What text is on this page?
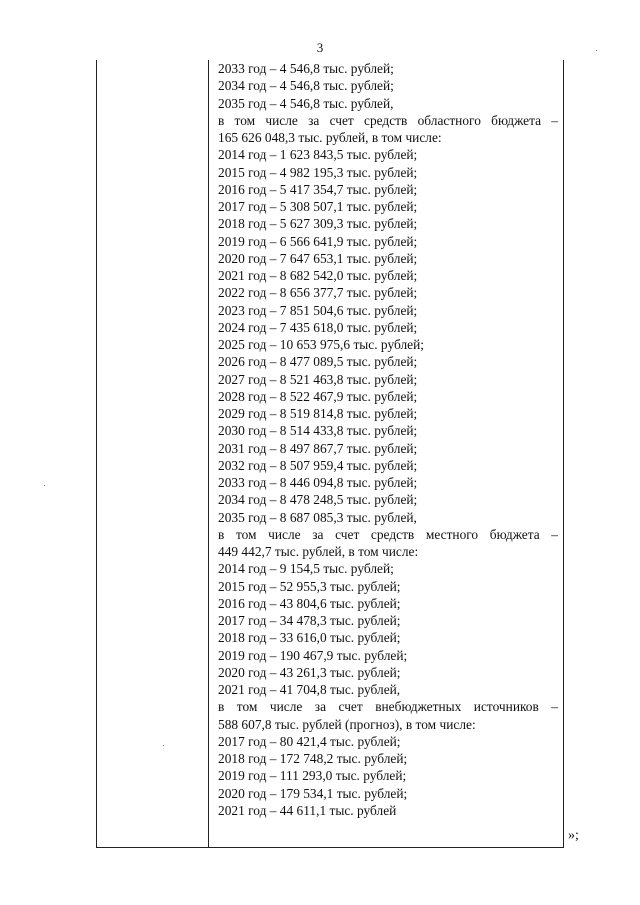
3
2033 год – 4 546,8 тыс. рублей;
2034 год – 4 546,8 тыс. рублей;
2035 год – 4 546,8 тыс. рублей,
в том числе за счет средств областного бюджета –
165 626 048,3 тыс. рублей, в том числе:
2014 год – 1 623 843,5 тыс. рублей;
2015 год – 4 982 195,3 тыс. рублей;
2016 год – 5 417 354,7 тыс. рублей;
2017 год – 5 308 507,1 тыс. рублей;
2018 год – 5 627 309,3 тыс. рублей;
2019 год – 6 566 641,9 тыс. рублей;
2020 год – 7 647 653,1 тыс. рублей;
2021 год – 8 682 542,0 тыс. рублей;
2022 год – 8 656 377,7 тыс. рублей;
2023 год – 7 851 504,6 тыс. рублей;
2024 год – 7 435 618,0 тыс. рублей;
2025 год – 10 653 975,6 тыс. рублей;
2026 год – 8 477 089,5 тыс. рублей;
2027 год – 8 521 463,8 тыс. рублей;
2028 год – 8 522 467,9 тыс. рублей;
2029 год – 8 519 814,8 тыс. рублей;
2030 год – 8 514 433,8 тыс. рублей;
2031 год – 8 497 867,7 тыс. рублей;
2032 год – 8 507 959,4 тыс. рублей;
2033 год – 8 446 094,8 тыс. рублей;
2034 год – 8 478 248,5 тыс. рублей;
2035 год – 8 687 085,3 тыс. рублей,
в том числе за счет средств местного бюджета –
449 442,7 тыс. рублей, в том числе:
2014 год – 9 154,5 тыс. рублей;
2015 год – 52 955,3 тыс. рублей;
2016 год – 43 804,6 тыс. рублей;
2017 год – 34 478,3 тыс. рублей;
2018 год – 33 616,0 тыс. рублей;
2019 год – 190 467,9 тыс. рублей;
2020 год – 43 261,3 тыс. рублей;
2021 год – 41 704,8 тыс. рублей,
в том числе за счет внебюджетных источников –
588 607,8 тыс. рублей (прогноз), в том числе:
2017 год – 80 421,4 тыс. рублей;
2018 год – 172 748,2 тыс. рублей;
2019 год – 111 293,0 тыс. рублей;
2020 год – 179 534,1 тыс. рублей;
2021 год – 44 611,1 тыс. рублей
»;
